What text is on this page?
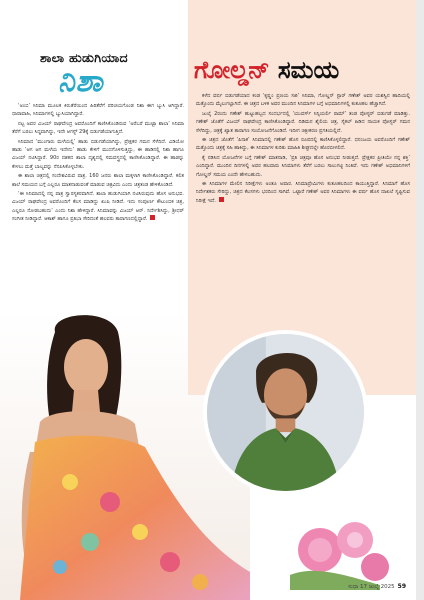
ಶಾಲಾ ಹುಡುಗಿಯಾದ
ನಿಶಾ

‘ಅಂಬಿ’ ಸಿನಿಮಾ ಮೂಲಕ ಕಿರುತೆರೆಯಿಂದ ಹಿರಿತೆರೆಗೆ ಪರಿಚಯಗೊಂಡ ನಿಶಾ ಈಗ ಬ್ಯುಸಿ ಆಗಿದ್ದಾರೆ. ಧಾರಾವಾಹಿ, ಸಿನಿಮಾಗಳಲ್ಲಿ ಬ್ಯುಸಿಯಾಗಿದ್ದಾರೆ.

ನಟ್ಟ ಅವರ ವಿಜಯ್ ರಾಘವೇಂದ್ರ ಅವರೊಂದಿಗೆ ಕಾಣಿಸಿಕೊಂಡಿರುವ ‘ಅರೆಬರೆ ಮುಟ್ಟಾ ಶಾಲಾ’ ಸಿನಿಮಾ ತೆರೆಗೆ ಬರಲು ಸಿದ್ಧವಾಗಿದ್ದು, ಇದೇ ಆಗಸ್ಟ್ 29ಕ್ಕೆ ಬಿಡುಗಡೆಯಾಗುತ್ತಿದೆ.

ಸಿನಿಮಾದ ‘ಮುಂಗಾರು ಮಳೆಯಲ್ಲಿ’ ಹಾಡು ಬಿಡುಗಡೆಯಾಗಿದ್ದು, ಪ್ರೇಕ್ಷಕರ ಗಮನ ಸೆಳೆದಿದೆ. ವಿಡಿಯೋ ಹಾಡು ‘ಆಗ ಆಗ ಮಳೆಯ ಇದೇನು’ ಹಾಡು ಕೇಳಿಗೆ ಮುದಗೊಳಿಸುತ್ತಿದ್ದು, ಈ ಹಾಡಿನಲ್ಲಿ ನಿಶಾ ಹಾಗೂ ವಿಜಯ್ ನಟಿಸಿದ್ದಾರೆ. 90ರ ದಶಕದ ಶಾಲಾ ದೃಶ್ಯದಲ್ಲಿ ಸಮವಸ್ತ್ರದಲ್ಲಿ ಕಾಣಿಸಿಕೊಂಡಿದ್ದಾರೆ. ಈ ಹಾಡನ್ನು ಕೇಳಲು ಮತ್ತೆ ಬಾಲ್ಯವನ್ನು ನೆನಪಿಸಿಕೊಳ್ಳಬೇಕು.

ಈ ಶಾಲಾ ಚಿತ್ರದಲ್ಲಿ ಸಂದೇಶವಿರುವ ಪಾತ್ರ. 160 ಜನರು ಶಾಲಾ ಮಕ್ಕಳಾಗಿ ಕಾಣಿಸಿಕೊಂಡಿದ್ದಾರೆ. ಕಲಿತ ಶಾಲೆ ಸಮಯದ ಬಗ್ಗೆ ಎಲ್ಲರೂ ಮಾತನಾಡುವಂತೆ ಮಾಡುವ ಚಿತ್ರವಿದು ಎಂದು ಚಿತ್ರತಂಡ ಹೇಳಿಕೊಂಡಿದೆ.

‘ಈ ಸಿನಿಮಾದಲ್ಲಿ ನನ್ನ ಪಾತ್ರ ಸ್ವಾರಸ್ಯಕರವಾಗಿದೆ. ಶಾಲಾ ಹುಡುಗಿಯಾಗಿ ನಟಿಸಿರುವುದು ಹೊಸ ಅನುಭವ. ವಿಜಯ್ ರಾಘವೇಂದ್ರ ಅವರೊಂದಿಗೆ ಕೆಲಸ ಮಾಡಿದ್ದು ಖುಷಿ ನೀಡಿದೆ. ಇದು ಸಂಪೂರ್ಣ ಕೌಟುಂಬಿಕ ಚಿತ್ರ, ಎಲ್ಲರೂ ನೋಡಬಹುದು’ ಎಂದು ನಿಶಾ ಹೇಳಿದ್ದಾರೆ. ಸಿನಿಮಾವನ್ನು ವಿಜಯ್ ಆರ್. ನಿರ್ದೇಶಿಸಿದ್ದು, ಶ್ರೀಧರ್ ಸಂಗೀತ ನೀಡಿದ್ದಾರೆ. ಆಕಾಶ್ ಹಾಗೂ ಪ್ರತಿಭಾ ಸೇರಿದಂತೆ ಹಲವರು ತಾರಾಗಣದಲ್ಲಿದ್ದಾರೆ.

ಗೋಲ್ಡನ್ ಸಮಯ

ಕಳೆದ ವರ್ಷ ಬಿಡುಗಡೆಯಾದ ಕಂಡ ‘ಕೃಷ್ಣಂ ಪ್ರಣಯ ಸಖಿ’ ಸಿನಿಮಾ, ಗೋಲ್ಡನ್ ಸ್ಟಾರ್ ಗಣೇಶ್ ಅವರ ಯಶಸ್ವಿನ ಹಾದಿಯಲ್ಲಿ ಮತ್ತೊಂದು ಮೈಲುಗಲ್ಲಾಗಿದೆ. ಈ ಚಿತ್ರದ ಬಳಿಕ ಅವರ ಮುಂದಿನ ಸಿನಿಮಾಗಳ ಬಗ್ಗೆ ಅಭಿಮಾನಿಗಳಲ್ಲಿ ಕುತೂಹಲ ಹೆಚ್ಚಾಗಿದೆ.

ಜುಲೈ 2ರಂದು ಗಣೇಶ್ ಹುಟ್ಟುಹಬ್ಬದ ಸಂದರ್ಭದಲ್ಲಿ ‘ಯುವರ್ಸ್ ಸಿನ್ಸಿಯರ್ಲಿ ರಾಮ್’ ತಂಡ ಪೋಸ್ಟರ್ ಬಿಡುಗಡೆ ಮಾಡಿತ್ತು. ಗಣೇಶ್ ಜೊತೆಗೆ ವಿಜಯ್ ರಾಘವೇಂದ್ರ ಕಾಣಿಸಿಕೊಂಡಿದ್ದಾರೆ. ದಿಡಿಮನ ಶೈಲಿಯ ಚಿತ್ರ, ಸೈಕಲ್ ಹಿಡಿದ ನಾಯಕ ಪೋಸ್ಟರ್ ಗಮನ ಸೆಳೆದಿದ್ದು, ಚಿತ್ರಕ್ಕೆ ಖ್ಯಾತ ತಾರಾಗಣ ಸಂಯೋಜನೆಗೊಂಡಿದೆ. ಇದೀಗ ಚಿತ್ರೀಕರಣ ಪ್ರಗತಿಯಲ್ಲಿದೆ.

ಈ ಚಿತ್ರದ ಜೊತೆಗೆ ‘ಪಿನಾಕ’ ಸಿನಿಮಾದಲ್ಲಿ ಗಣೇಶ್ ಹೊಸ ರೂಪದಲ್ಲಿ ಕಾಣಿಸಿಕೊಳ್ಳಲಿದ್ದಾರೆ. ಧನಂಜಯ ಅವರೊಂದಿಗೆ ಗಣೇಶ್ ಮತ್ತೊಂದು ಚಿತ್ರಕ್ಕೆ ಸಹಿ ಹಾಕಿದ್ದು, ಈ ಸಿನಿಮಾಗಳ ಕುರಿತು ಮಾಹಿತಿ ಶೀಘ್ರದಲ್ಲೇ ಹೊರಬೀಳಲಿದೆ.

ಕೈ ನಡಿಸಿದ ಯೋಜನೆಗಳ ಬಗ್ಗೆ ಗಣೇಶ್ ಮಾತನಾಡಿ, ‘ಪ್ರತಿ ಚಿತ್ರವೂ ಹೊಸ ಅನುಭವ ನೀಡುತ್ತದೆ. ಪ್ರೇಕ್ಷಕರ ಪ್ರೀತಿಯೇ ನನ್ನ ಶಕ್ತಿ’ ಎಂದಿದ್ದಾರೆ. ಮುಂದಿನ ದಿನಗಳಲ್ಲಿ ಅವರ ಹಲವಾರು ಸಿನಿಮಾಗಳು ತೆರೆಗೆ ಬರಲು ಸಾಲುಗಟ್ಟಿ ನಿಂತಿವೆ. ಇದು ಗಣೇಶ್ ಅಭಿಮಾನಿಗಳಿಗೆ ಗೋಲ್ಡನ್ ಸಮಯ ಎಂದೇ ಹೇಳಬಹುದು.

ಈ ಸಿನಿಮಾಗಳ ಮೇಲಿನ ನಿರೀಕ್ಷೆಗಳು ಅಂತೂ ಅಪಾರ. ಸಿನಿಮಾಪ್ರೇಮಿಗಳು ಕುತೂಹಲದಿಂದ ಕಾಯುತ್ತಿದ್ದಾರೆ. ಸಿನಿಮಾಗೆ ಹೊಸ ನಿರ್ದೇಶಕರು ಸೇರಿದ್ದು, ಚಿತ್ರದ ಕೆಲಸಗಳು ಭರದಿಂದ ಸಾಗಿವೆ. ಒಟ್ಟಾರೆ ಗಣೇಶ್ ಅವರ ಸಿನಿಮಾಗಳು ಈ ವರ್ಷ ಹೊಸ ದಾಖಲೆ ಸೃಷ್ಟಿಸುವ ನಿರೀಕ್ಷೆ ಇದೆ.

ಸುಧಾ 17 ಜುಲೈ 2025 59
